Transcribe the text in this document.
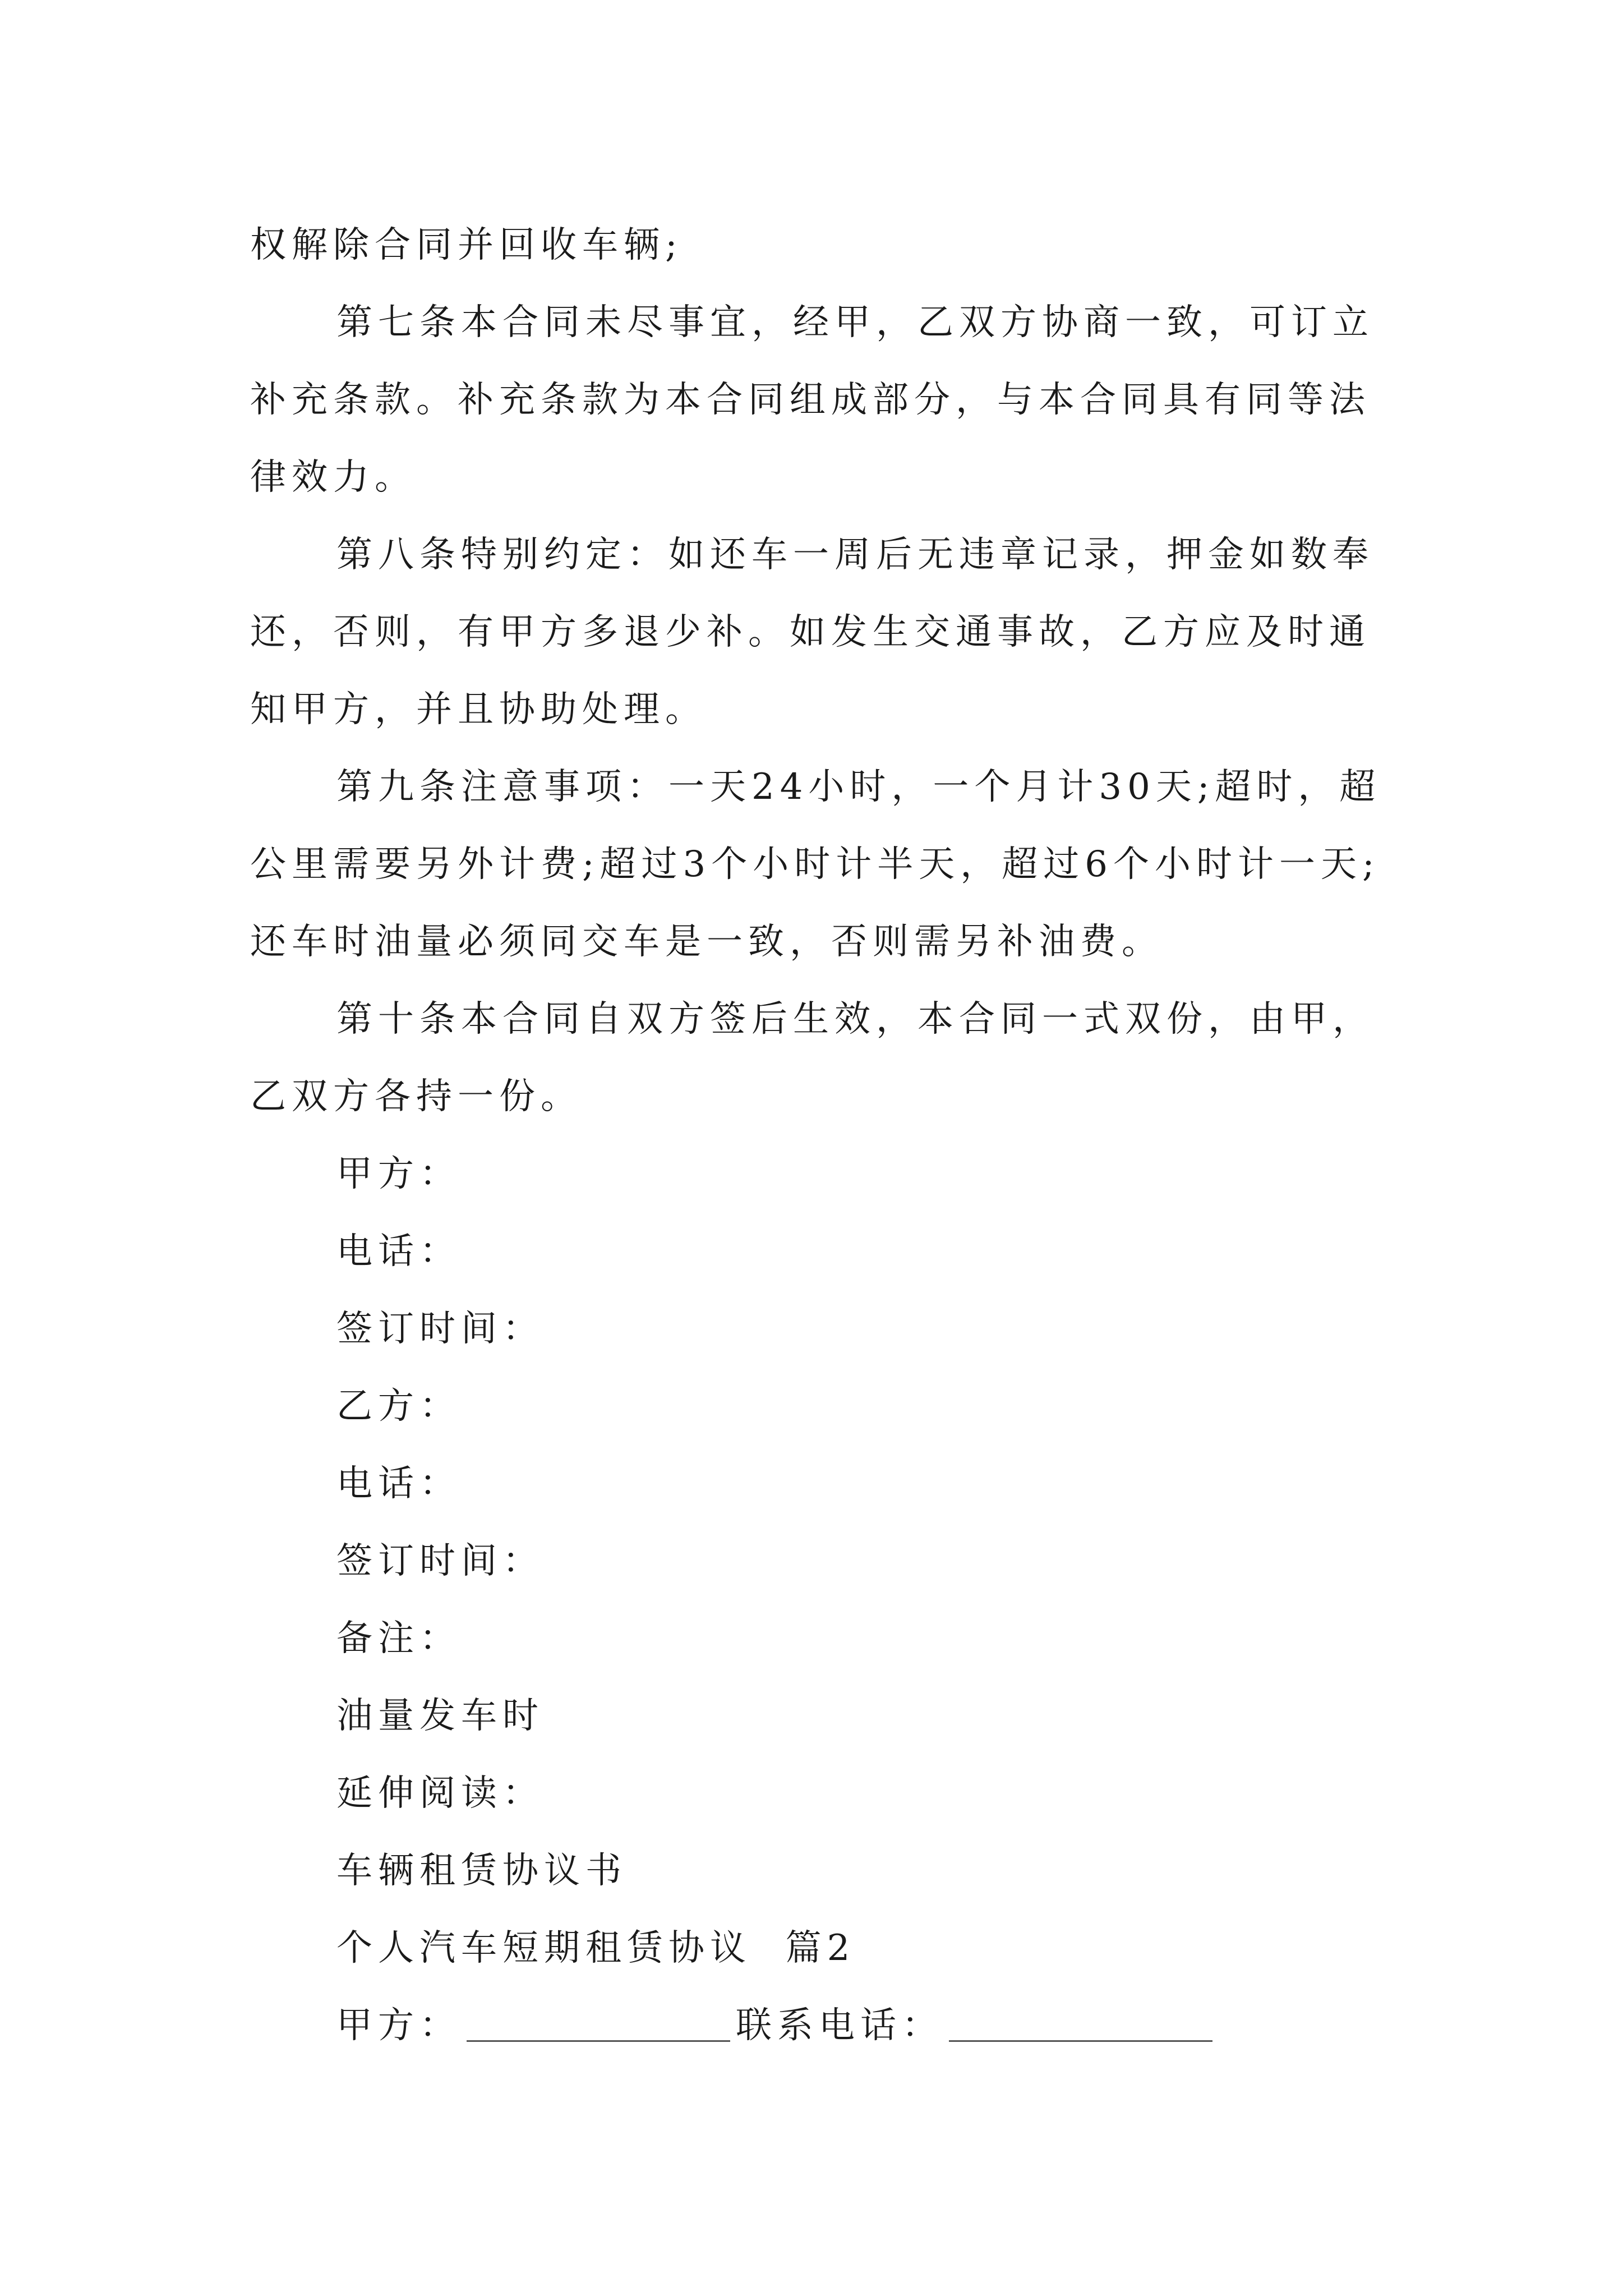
权解除合同并回收车辆;

第七条本合同未尽事宜，经甲，乙双方协商一致，可订立补充条款。补充条款为本合同组成部分，与本合同具有同等法律效力。

第八条特别约定：如还车一周后无违章记录，押金如数奉还，否则，有甲方多退少补。如发生交通事故，乙方应及时通知甲方，并且协助处理。

第九条注意事项：一天24小时，一个月计30天;超时，超公里需要另外计费;超过3个小时计半天，超过6个小时计一天;还车时油量必须同交车是一致，否则需另补油费。

第十条本合同自双方签后生效，本合同一式双份，由甲，乙双方各持一份。

甲方：

电话：

签订时间：

乙方：

电话：

签订时间：

备注：

油量发车时

延伸阅读：

车辆租赁协议书

个人汽车短期租赁协议  篇2

甲方：	联系电话：
